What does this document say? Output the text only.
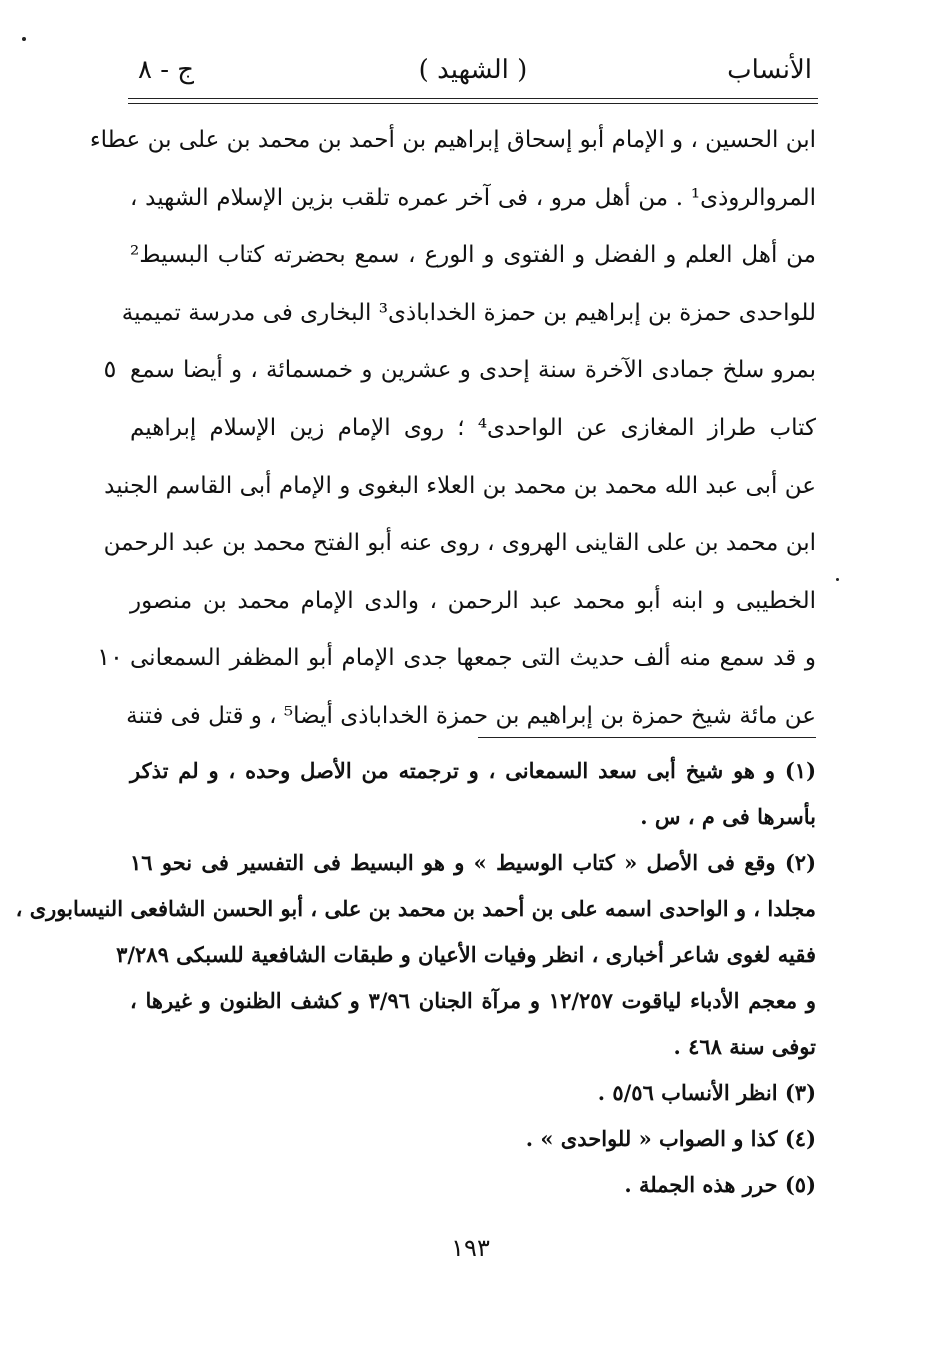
الأنساب
( الشهيد )
ج - ٨
ابن الحسين ، و الإمام أبو إسحاق إبراهيم بن أحمد بن محمد بن على بن عطاء
المروالروذى¹ . من أهل مرو ، فى آخر عمره تلقب بزين الإسلام الشهيد ،
من أهل العلم و الفضل و الفتوى و الورع ، سمع بحضرته كتاب البسيط²
للواحدى حمزة بن إبراهيم بن حمزة الخداباذى³ البخارى فى مدرسة تميمية
بمرو سلخ جمادى الآخرة سنة إحدى و عشرين و خمسمائة ، و أيضا سمع
كتاب طراز المغازى عن الواحدى⁴ ؛ روى الإمام زين الإسلام إبراهيم
عن أبى عبد الله محمد بن محمد بن العلاء البغوى و الإمام أبى القاسم الجنيد
ابن محمد بن على القاينى الهروى ، روى عنه أبو الفتح محمد بن عبد الرحمن
الخطيبى و ابنه أبو محمد عبد الرحمن ، والدى الإمام محمد بن منصور
و قد سمع منه ألف حديث التى جمعها جدى الإمام أبو المظفر السمعانى
عن مائة شيخ حمزة بن إبراهيم بن حمزة الخداباذى أيضا⁵ ، و قتل فى فتنة
٥
١٠
(١) و هو شيخ أبى سعد السمعانى ، و ترجمته من الأصل وحده ، و لم تذكر
بأسرها فى م ، س .
(٢) وقع فى الأصل « كتاب الوسيط » و هو البسيط فى التفسير فى نحو ١٦
مجلدا ، و الواحدى اسمه على بن أحمد بن محمد بن على ، أبو الحسن الشافعى النيسابورى ،
فقيه لغوى شاعر أخبارى ، انظر وفيات الأعيان و طبقات الشافعية للسبكى ٣/٢٨٩
و معجم الأدباء لياقوت ١٢/٢٥٧ و مرآة الجنان ٣/٩٦ و كشف الظنون و غيرها ،
توفى سنة ٤٦٨ .
(٣) انظر الأنساب ٥/٥٦ .
(٤) كذا و الصواب « للواحدى » .
(٥) حرر هذه الجملة .
١٩٣
